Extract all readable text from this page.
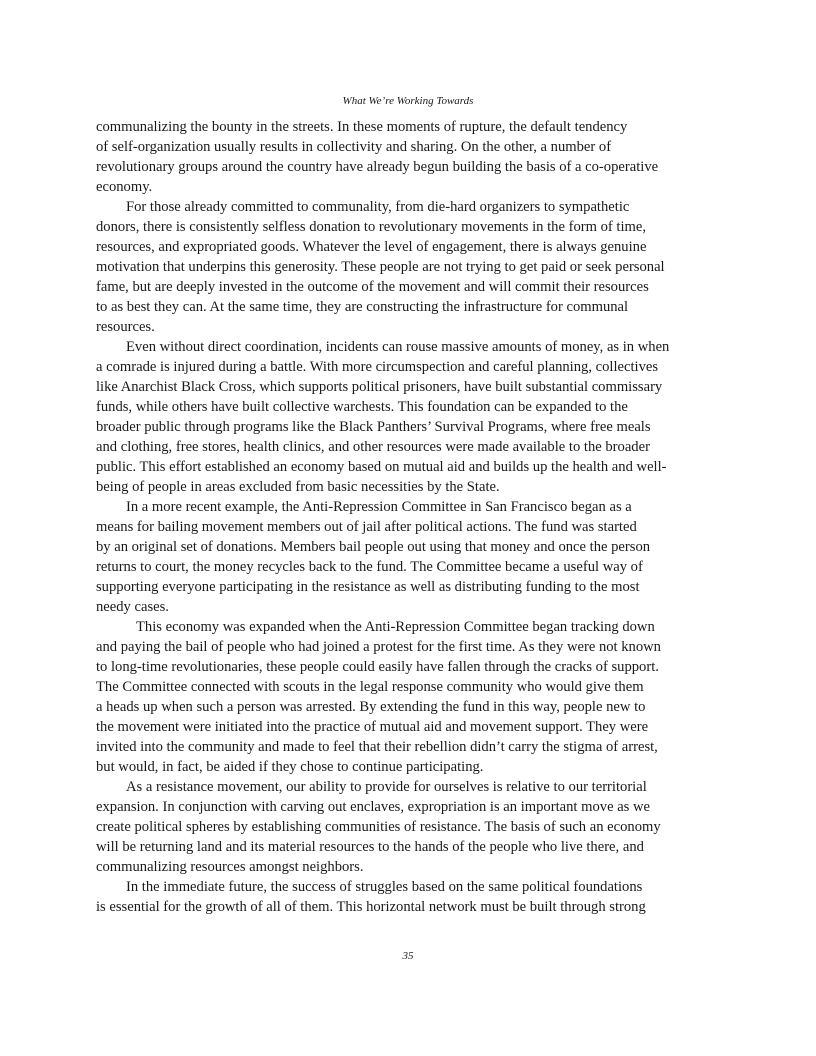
What We’re Working Towards
communalizing the bounty in the streets. In these moments of rupture, the default tendency
of self-organization usually results in collectivity and sharing. On the other, a number of
revolutionary groups around the country have already begun building the basis of a co-operative
economy.
For those already committed to communality, from die-hard organizers to sympathetic
donors, there is consistently selfless donation to revolutionary movements in the form of time,
resources, and expropriated goods. Whatever the level of engagement, there is always genuine
motivation that underpins this generosity. These people are not trying to get paid or seek personal
fame, but are deeply invested in the outcome of the movement and will commit their resources
to as best they can. At the same time, they are constructing the infrastructure for communal
resources.
Even without direct coordination, incidents can rouse massive amounts of money, as in when
a comrade is injured during a battle. With more circumspection and careful planning, collectives
like Anarchist Black Cross, which supports political prisoners, have built substantial commissary
funds, while others have built collective warchests. This foundation can be expanded to the
broader public through programs like the Black Panthers’ Survival Programs, where free meals
and clothing, free stores, health clinics, and other resources were made available to the broader
public. This effort established an economy based on mutual aid and builds up the health and well-
being of people in areas excluded from basic necessities by the State.
In a more recent example, the Anti-Repression Committee in San Francisco began as a
means for bailing movement members out of jail after political actions. The fund was started
by an original set of donations. Members bail people out using that money and once the person
returns to court, the money recycles back to the fund. The Committee became a useful way of
supporting everyone participating in the resistance as well as distributing funding to the most
needy cases.
This economy was expanded when the Anti-Repression Committee began tracking down
and paying the bail of people who had joined a protest for the first time. As they were not known
to long-time revolutionaries, these people could easily have fallen through the cracks of support.
The Committee connected with scouts in the legal response community who would give them
a heads up when such a person was arrested. By extending the fund in this way, people new to
the movement were initiated into the practice of mutual aid and movement support. They were
invited into the community and made to feel that their rebellion didn’t carry the stigma of arrest,
but would, in fact, be aided if they chose to continue participating.
As a resistance movement, our ability to provide for ourselves is relative to our territorial
expansion. In conjunction with carving out enclaves, expropriation is an important move as we
create political spheres by establishing communities of resistance. The basis of such an economy
will be returning land and its material resources to the hands of the people who live there, and
communalizing resources amongst neighbors.
In the immediate future, the success of struggles based on the same political foundations
is essential for the growth of all of them. This horizontal network must be built through strong
35
